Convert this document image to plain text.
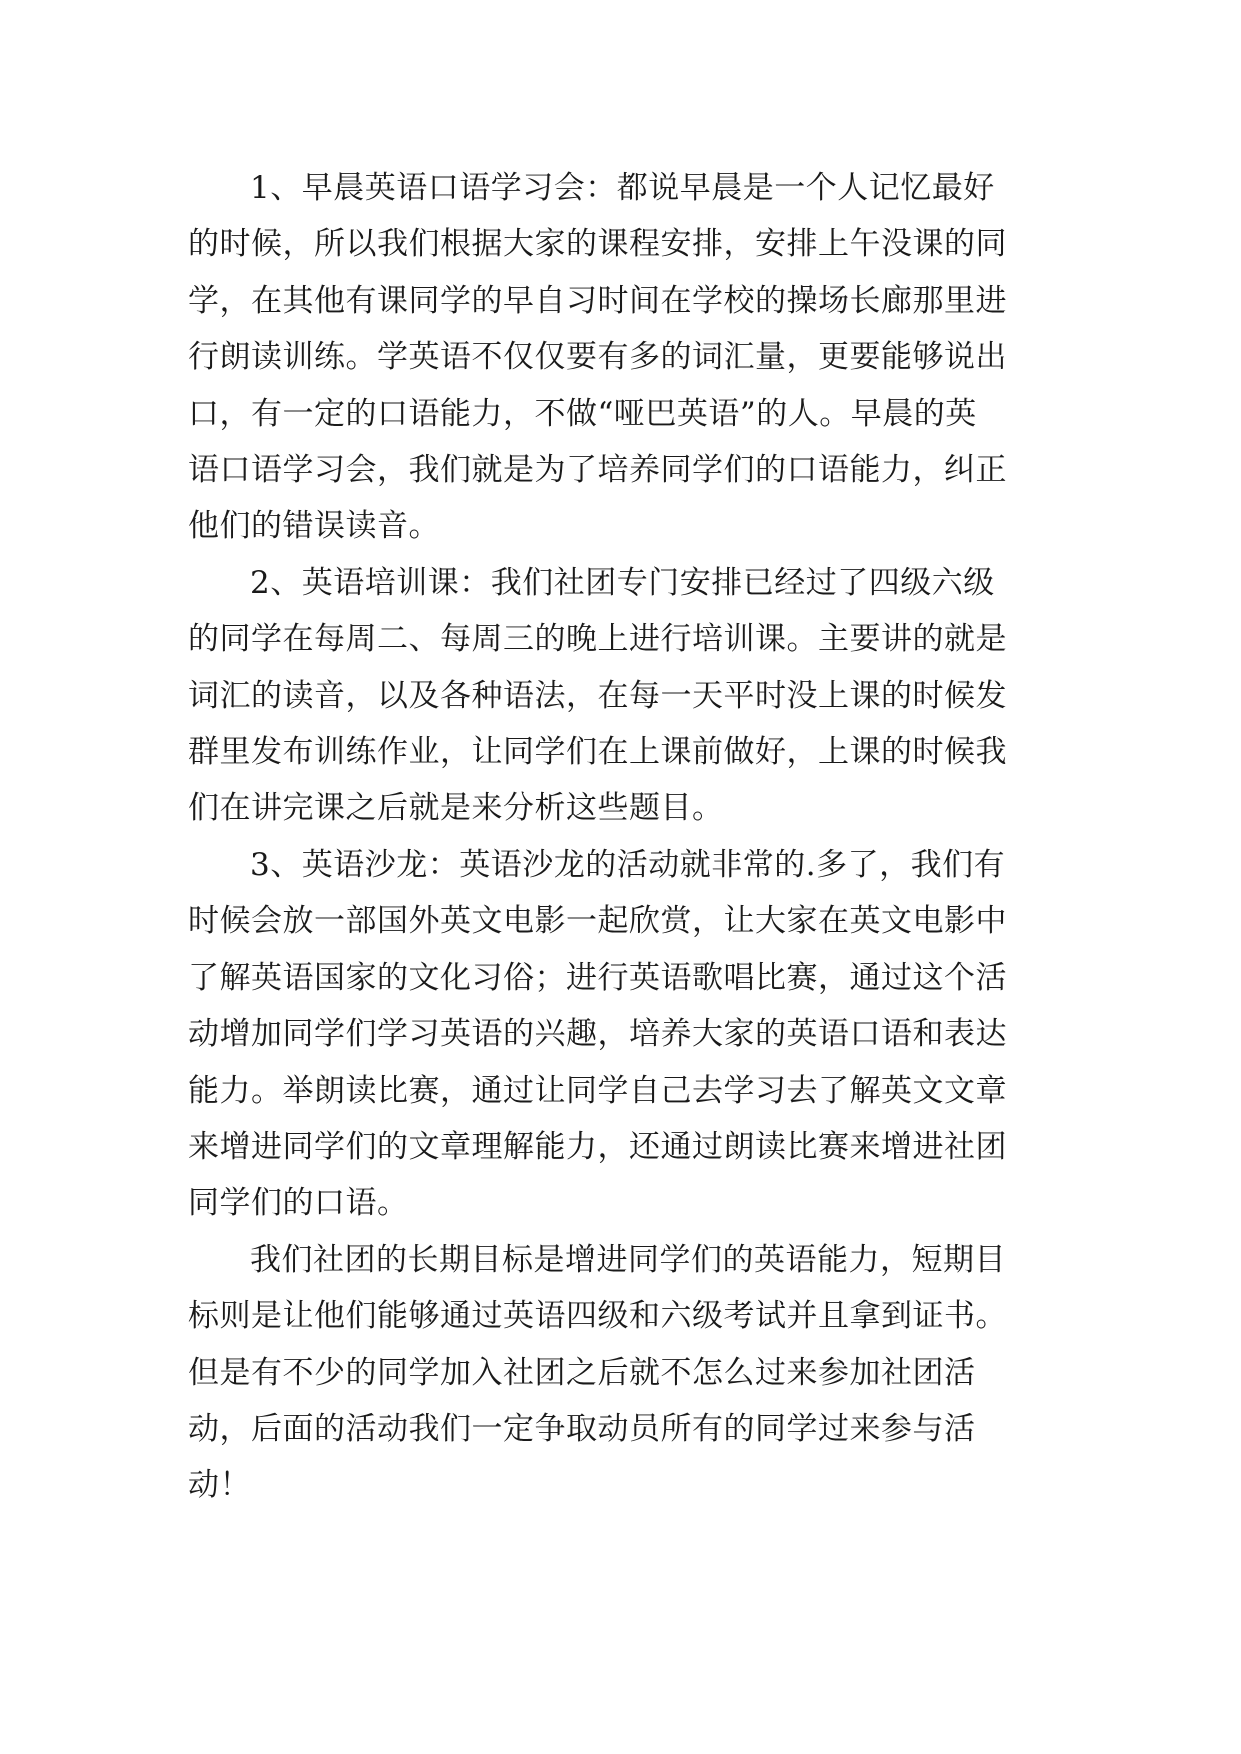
1、早晨英语口语学习会：都说早晨是一个人记忆最好
的时候，所以我们根据大家的课程安排，安排上午没课的同
学，在其他有课同学的早自习时间在学校的操场长廊那里进
行朗读训练。学英语不仅仅要有多的词汇量，更要能够说出
口，有一定的口语能力，不做“哑巴英语”的人。早晨的英
语口语学习会，我们就是为了培养同学们的口语能力，纠正
他们的错误读音。
2、英语培训课：我们社团专门安排已经过了四级六级
的同学在每周二、每周三的晚上进行培训课。主要讲的就是
词汇的读音，以及各种语法，在每一天平时没上课的时候发
群里发布训练作业，让同学们在上课前做好，上课的时候我
们在讲完课之后就是来分析这些题目。
3、英语沙龙：英语沙龙的活动就非常的.多了，我们有
时候会放一部国外英文电影一起欣赏，让大家在英文电影中
了解英语国家的文化习俗；进行英语歌唱比赛，通过这个活
动增加同学们学习英语的兴趣，培养大家的英语口语和表达
能力。举朗读比赛，通过让同学自己去学习去了解英文文章
来增进同学们的文章理解能力，还通过朗读比赛来增进社团
同学们的口语。
我们社团的长期目标是增进同学们的英语能力，短期目
标则是让他们能够通过英语四级和六级考试并且拿到证书。
但是有不少的同学加入社团之后就不怎么过来参加社团活
动，后面的活动我们一定争取动员所有的同学过来参与活
动！
